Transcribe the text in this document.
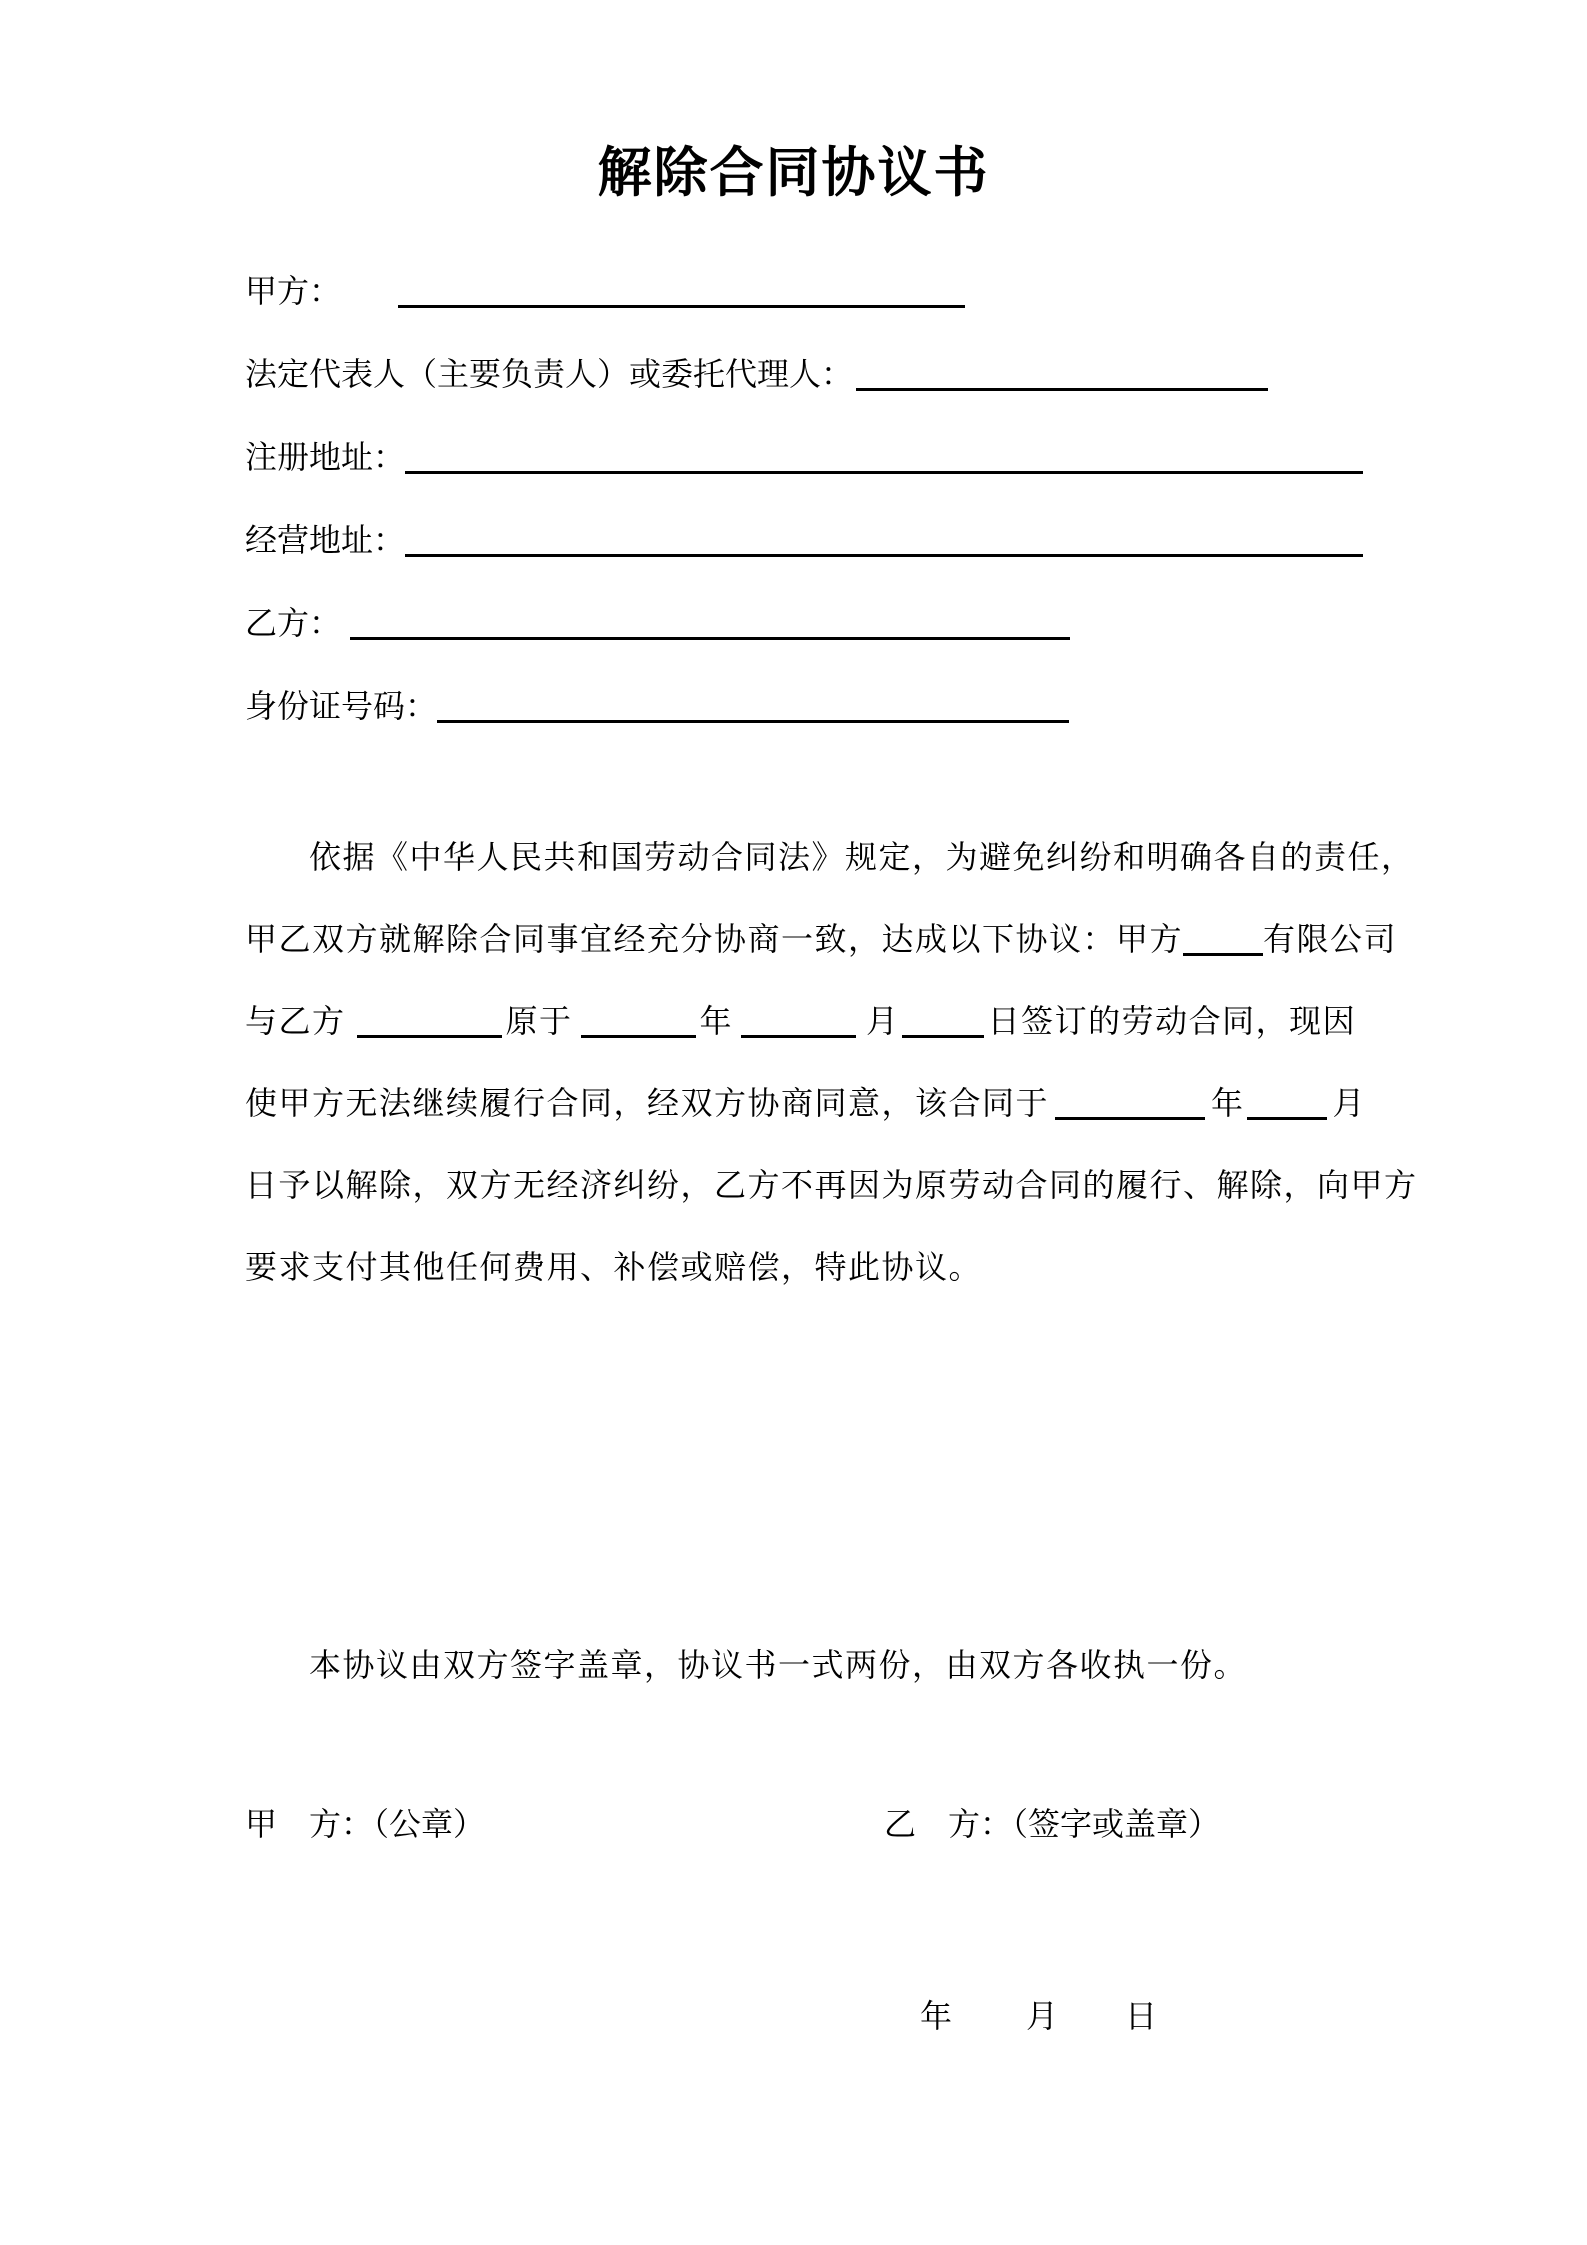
解除合同协议书
甲方：
法定代表人（主要负责人）或委托代理人：
注册地址：
经营地址：
乙方：
身份证号码：
依据《中华人民共和国劳动合同法》规定，为避免纠纷和明确各自的责任，
甲乙双方就解除合同事宜经充分协商一致，达成以下协议：甲方	有限公司
与乙方	原于	年	月	日签订的劳动合同，现因
使甲方无法继续履行合同，经双方协商同意，该合同于	年	月
日予以解除，双方无经济纠纷，乙方不再因为原劳动合同的履行、解除，向甲方
要求支付其他任何费用、补偿或赔偿，特此协议。
本协议由双方签字盖章，协议书一式两份，由双方各收执一份。
甲　方：（公章）	乙　方：（签字或盖章）
年 月 日
